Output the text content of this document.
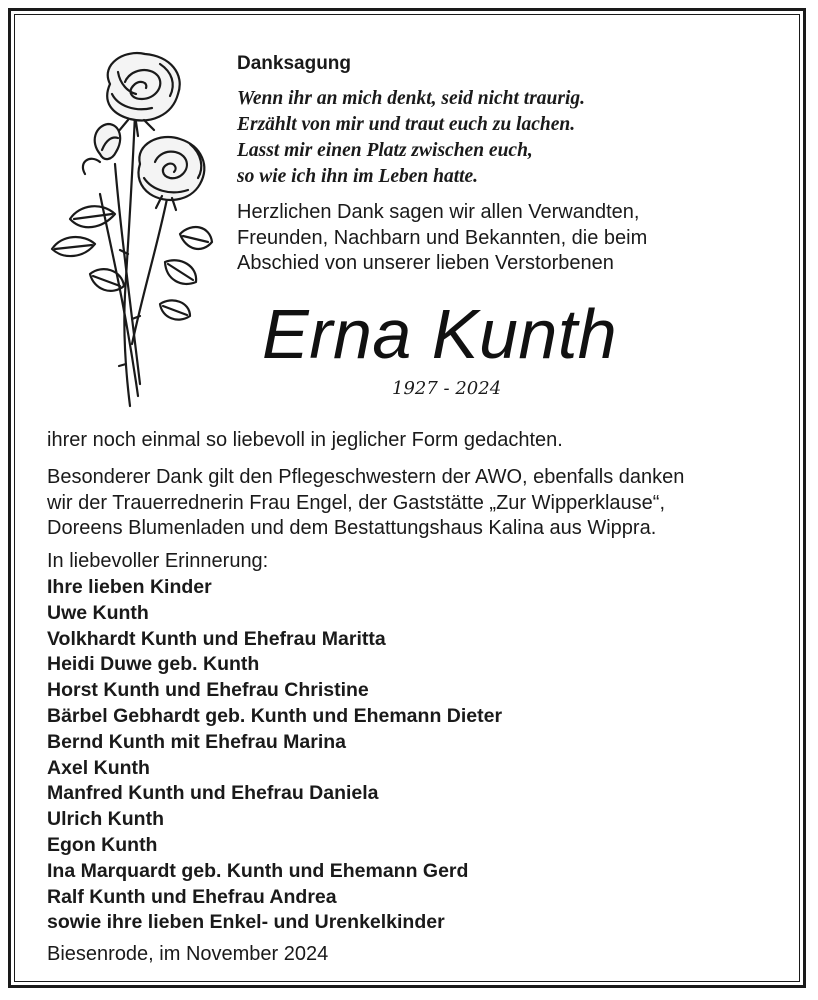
Danksagung
Wenn ihr an mich denkt, seid nicht traurig.
Erzählt von mir und traut euch zu lachen.
Lasst mir einen Platz zwischen euch,
so wie ich ihn im Leben hatte.
Herzlichen Dank sagen wir allen Verwandten,
Freunden, Nachbarn und Bekannten, die beim
Abschied von unserer lieben Verstorbenen
Erna Kunth
1927 - 2024
ihrer noch einmal so liebevoll in jeglicher Form gedachten.
Besonderer Dank gilt den Pflegeschwestern der AWO, ebenfalls danken
wir der Trauerrednerin Frau Engel, der Gaststätte „Zur Wipperklause“,
Doreens Blumenladen und dem Bestattungshaus Kalina aus Wippra.
In liebevoller Erinnerung:
Ihre lieben Kinder
Uwe Kunth
Volkhardt Kunth und Ehefrau Maritta
Heidi Duwe geb. Kunth
Horst Kunth und Ehefrau Christine
Bärbel Gebhardt geb. Kunth und Ehemann Dieter
Bernd Kunth mit Ehefrau Marina
Axel Kunth
Manfred Kunth und Ehefrau Daniela
Ulrich Kunth
Egon Kunth
Ina Marquardt geb. Kunth und Ehemann Gerd
Ralf Kunth und Ehefrau Andrea
sowie ihre lieben Enkel- und Urenkelkinder
Biesenrode, im November 2024
